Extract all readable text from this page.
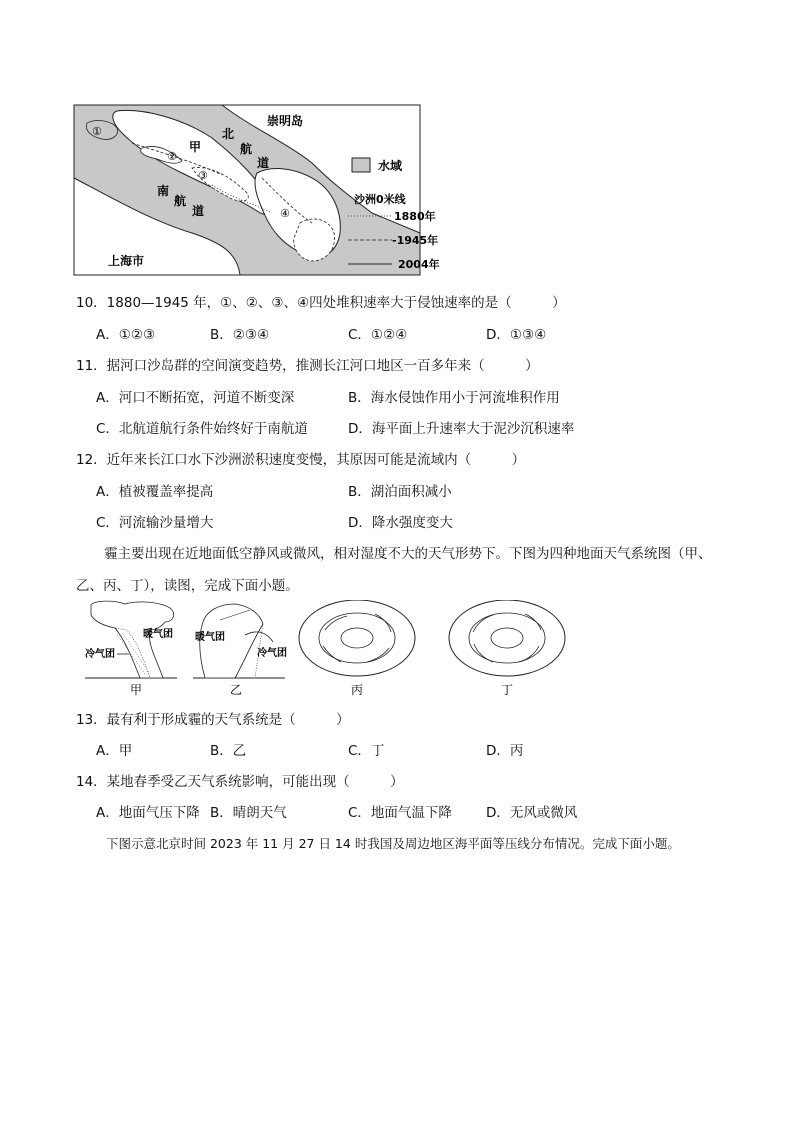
崇明岛
北
航
道
甲
南
航
道
上海市
①
②
③
④
水域
沙洲0米线
1880年
-1945年
2004年
10．1880—1945 年，①、②、③、④四处堆积速率大于侵蚀速率的是（　　　）
A．①②③	B．②③④	C．①②④	D．①③④
11．据河口沙岛群的空间演变趋势，推测长江河口地区一百多年来（　　　）
A．河口不断拓宽，河道不断变深	B．海水侵蚀作用小于河流堆积作用
C．北航道航行条件始终好于南航道	D．海平面上升速率大于泥沙沉积速率
12．近年来长江口水下沙洲淤积速度变慢，其原因可能是流域内（　　　）
A．植被覆盖率提高	B．湖泊面积减小
C．河流输沙量增大	D．降水强度变大
霾主要出现在近地面低空静风或微风，相对湿度不大的天气形势下。下图为四种地面天气系统图（甲、
乙、丙、丁），读图，完成下面小题。
暖气团
冷气团
甲
暖气团
冷气团
乙	丙	丁
13．最有利于形成霾的天气系统是（　　　）
A．甲	B．乙	C．丁	D．丙
14．某地春季受乙天气系统影响，可能出现（　　　）
A．地面气压下降 B．晴朗天气	C．地面气温下降	D．无风或微风
下图示意北京时间 2023 年 11 月 27 日 14 时我国及周边地区海平面等压线分布情况。完成下面小题。
